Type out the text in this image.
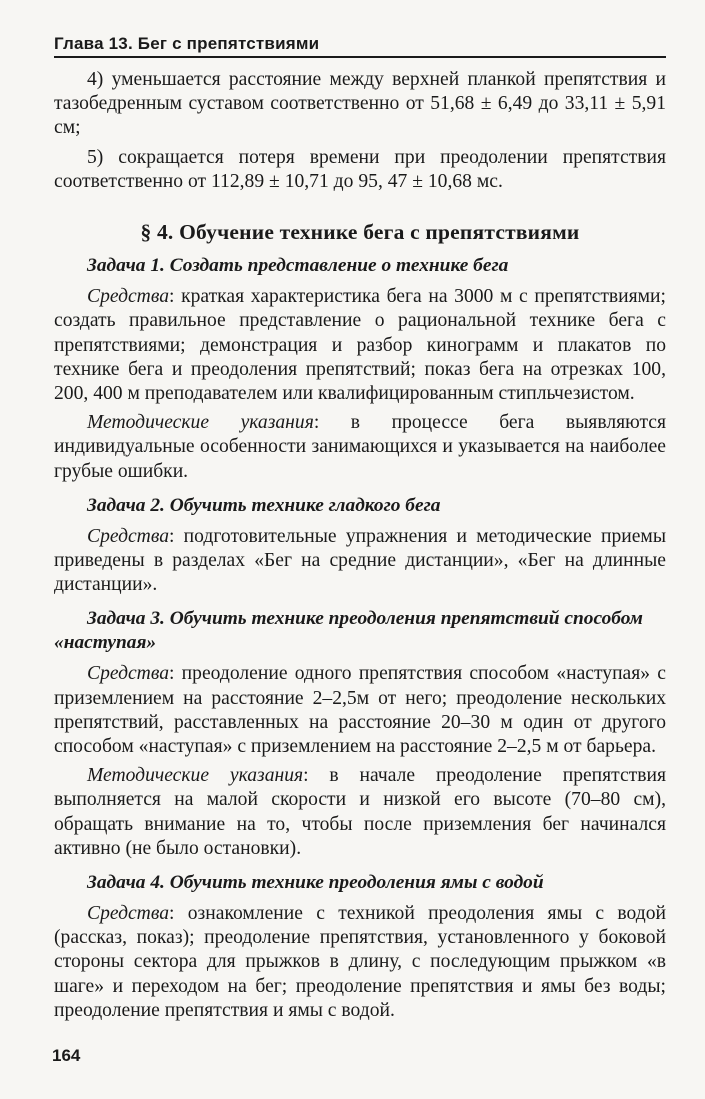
Глава 13. Бег с препятствиями

4) уменьшается расстояние между верхней планкой препятствия и тазобедренным суставом соответственно от 51,68 ± 6,49 до 33,11 ± 5,91 см;

5) сокращается потеря времени при преодолении препятствия соответственно от 112,89 ± 10,71 до 95, 47 ± 10,68 мс.

§ 4. Обучение технике бега с препятствиями
Задача 1. Создать представление о технике бега

Средства: краткая характеристика бега на 3000 м с препятствиями; создать правильное представление о рациональной технике бега с препятствиями; демонстрация и разбор кинограмм и плакатов по технике бега и преодоления препятствий; показ бега на отрезках 100, 200, 400 м преподавателем или квалифицированным стипльчезистом.

Методические указания: в процессе бега выявляются индивидуальные особенности занимающихся и указывается на наиболее грубые ошибки.

Задача 2. Обучить технике гладкого бега

Средства: подготовительные упражнения и методические приемы приведены в разделах «Бег на средние дистанции», «Бег на длинные дистанции».

Задача 3. Обучить технике преодоления препятствий способом «наступая»

Средства: преодоление одного препятствия способом «наступая» с приземлением на расстояние 2–2,5м от него; преодоление нескольких препятствий, расставленных на расстояние 20–30 м один от другого способом «наступая» с приземлением на расстояние 2–2,5 м от барьера.

Методические указания: в начале преодоление препятствия выполняется на малой скорости и низкой его высоте (70–80 см), обращать внимание на то, чтобы после приземления бег начинался активно (не было остановки).

Задача 4. Обучить технике преодоления ямы с водой

Средства: ознакомление с техникой преодоления ямы с водой (рассказ, показ); преодоление препятствия, установленного у боковой стороны сектора для прыжков в длину, с последующим прыжком «в шаге» и переходом на бег; преодоление препятствия и ямы без воды; преодоление препятствия и ямы с водой.

164
